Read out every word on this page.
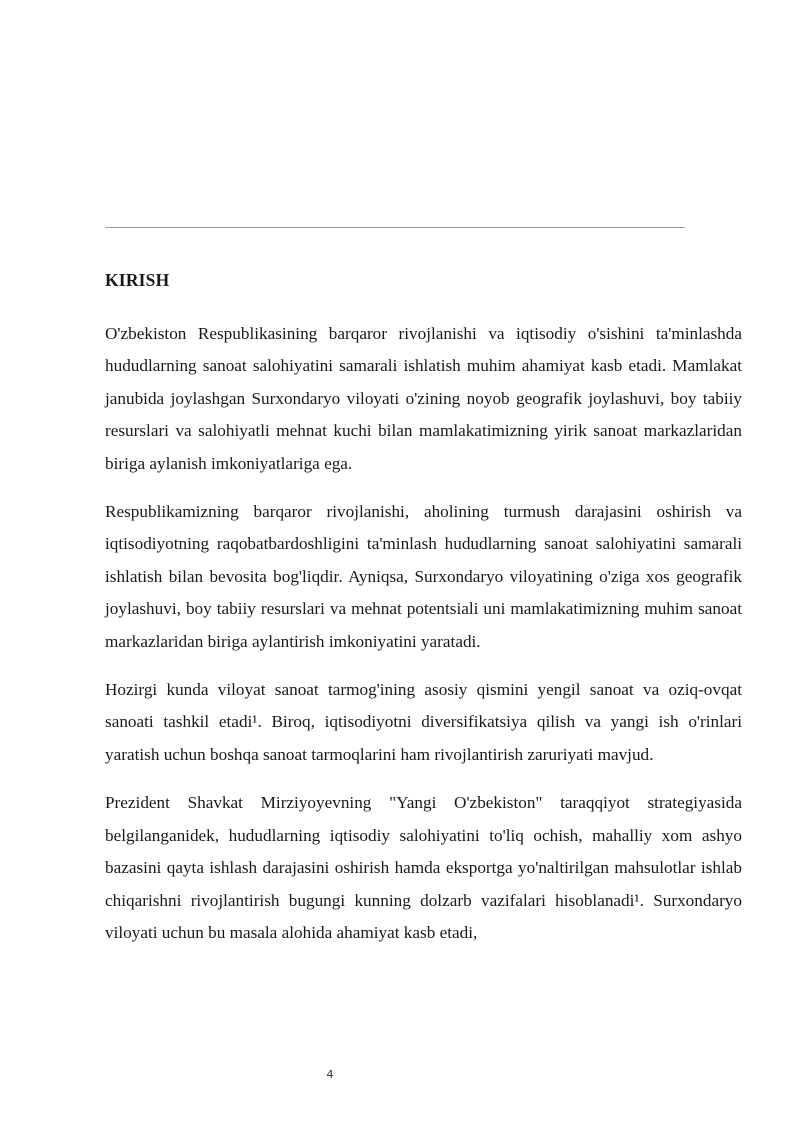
KIRISH

O'zbekiston Respublikasining barqaror rivojlanishi va iqtisodiy o'sishini ta'minlashda hududlarning sanoat salohiyatini samarali ishlatish muhim ahamiyat kasb etadi. Mamlakat janubida joylashgan Surxondaryo viloyati o'zining noyob geografik joylashuvi, boy tabiiy resurslari va salohiyatli mehnat kuchi bilan mamlakatimizning yirik sanoat markazlaridan biriga aylanish imkoniyatlariga ega.

Respublikamizning barqaror rivojlanishi, aholining turmush darajasini oshirish va iqtisodiyotning raqobatbardoshligini ta'minlash hududlarning sanoat salohiyatini samarali ishlatish bilan bevosita bog'liqdir. Ayniqsa, Surxondaryo viloyatining o'ziga xos geografik joylashuvi, boy tabiiy resurslari va mehnat potentsiali uni mamlakatimizning muhim sanoat markazlaridan biriga aylantirish imkoniyatini yaratadi.

Hozirgi kunda viloyat sanoat tarmog'ining asosiy qismini yengil sanoat va oziq-ovqat sanoati tashkil etadi¹. Biroq, iqtisodiyotni diversifikatsiya qilish va yangi ish o'rinlari yaratish uchun boshqa sanoat tarmoqlarini ham rivojlantirish zaruriyati mavjud.

Prezident Shavkat Mirziyoyevning "Yangi O'zbekiston" taraqqiyot strategiyasida belgilanganidek, hududlarning iqtisodiy salohiyatini to'liq ochish, mahalliy xom ashyo bazasini qayta ishlash darajasini oshirish hamda eksportga yo'naltirilgan mahsulotlar ishlab chiqarishni rivojlantirish bugungi kunning dolzarb vazifalari hisoblanadi¹. Surxondaryo viloyati uchun bu masala alohida ahamiyat kasb etadi,

4
